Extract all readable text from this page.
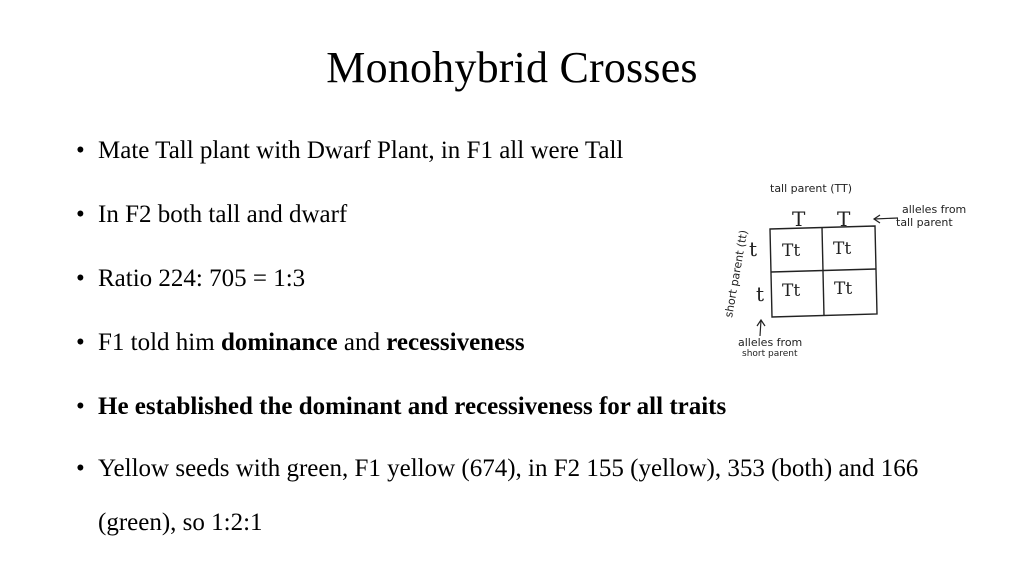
Monohybrid Crosses
• Mate Tall plant with Dwarf Plant, in F1 all were Tall
• In F2 both tall and dwarf
• Ratio 224: 705 = 1:3
• F1 told him dominance and recessiveness
• He established the dominant and recessiveness for all traits
• Yellow seeds with green, F1 yellow (674), in F2 155 (yellow), 353 (both) and 166 (green), so 1:2:1
tall parent (TT)
short parent (tt)
T T
t
t
Tt Tt
Tt Tt
alleles from
tall parent
alleles from
short parent
